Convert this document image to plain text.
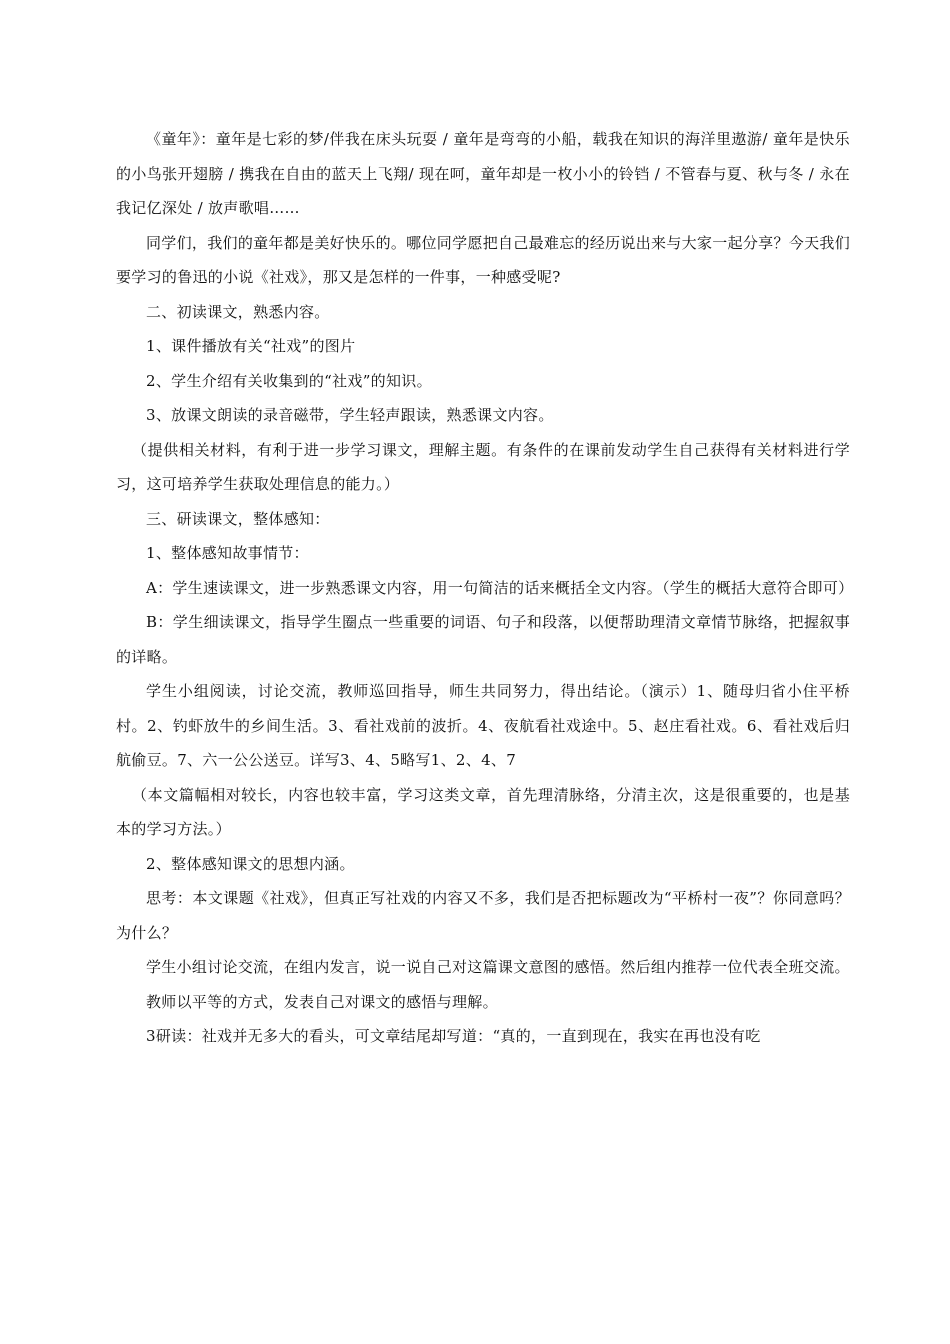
《童年》：童年是七彩的梦/伴我在床头玩耍 / 童年是弯弯的小船，载我在知识的海洋里遨游/ 童年是快乐的小鸟张开翅膀 / 携我在自由的蓝天上飞翔/ 现在呵，童年却是一枚小小的铃铛 / 不管春与夏、秋与冬 / 永在我记亿深处 / 放声歌唱……

同学们，我们的童年都是美好快乐的。哪位同学愿把自己最难忘的经历说出来与大家一起分享？今天我们要学习的鲁迅的小说《社戏》，那又是怎样的一件事，一种感受呢?

二、初读课文，熟悉内容。

1、课件播放有关“社戏”的图片

2、学生介绍有关收集到的“社戏”的知识。

3、放课文朗读的录音磁带，学生轻声跟读，熟悉课文内容。

（提供相关材料，有利于进一步学习课文，理解主题。有条件的在课前发动学生自己获得有关材料进行学习，这可培养学生获取处理信息的能力。）

三、研读课文，整体感知：

1、整体感知故事情节：

A：学生速读课文，进一步熟悉课文内容，用一句简洁的话来概括全文内容。（学生的概括大意符合即可）

B：学生细读课文，指导学生圈点一些重要的词语、句子和段落，以便帮助理清文章情节脉络，把握叙事的详略。

学生小组阅读，讨论交流，教师巡回指导，师生共同努力，得出结论。（演示）1、随母归省小住平桥村。2、钓虾放牛的乡间生活。3、看社戏前的波折。4、夜航看社戏途中。5、赵庄看社戏。6、看社戏后归航偷豆。7、六一公公送豆。详写3、4、5略写1、2、4、7

（本文篇幅相对较长，内容也较丰富，学习这类文章，首先理清脉络，分清主次，这是很重要的，也是基本的学习方法。）

2、整体感知课文的思想内涵。

思考：本文课题《社戏》，但真正写社戏的内容又不多，我们是否把标题改为“平桥村一夜”？你同意吗？为什么？

学生小组讨论交流，在组内发言，说一说自己对这篇课文意图的感悟。然后组内推荐一位代表全班交流。

教师以平等的方式，发表自己对课文的感悟与理解。

3研读：社戏并无多大的看头，可文章结尾却写道：“真的，一直到现在，我实在再也没有吃
